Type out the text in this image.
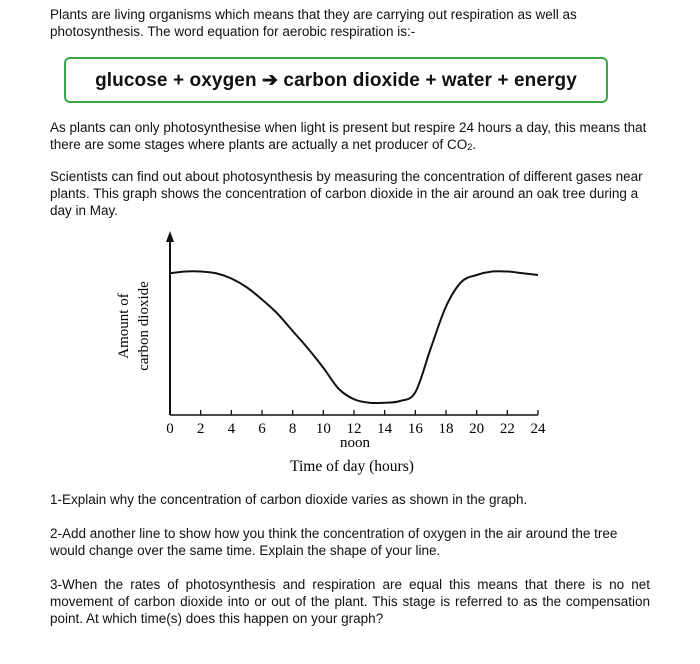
Plants are living organisms which means that they are carrying out respiration as well as photosynthesis. The word equation for aerobic respiration is:-
glucose + oxygen ➔ carbon dioxide + water + energy
As plants can only photosynthesise when light is present but respire 24 hours a day, this means that there are some stages where plants are actually a net producer of $CO_2$.
Scientists can find out about photosynthesis by measuring the concentration of different gases near plants. This graph shows the concentration of carbon dioxide in the air around an oak tree during a day in May.
0 2 4 6 8 10 12 14 16 18 20 22 24
Amount of carbon dioxide
noon
Time of day (hours)
1-Explain why the concentration of carbon dioxide varies as shown in the graph.
2-Add another line to show how you think the concentration of oxygen in the air around the tree would change over the same time. Explain the shape of your line.
3-When the rates of photosynthesis and respiration are equal this means that there is no net movement of carbon dioxide into or out of the plant. This stage is referred to as the compensation point. At which time(s) does this happen on your graph?
